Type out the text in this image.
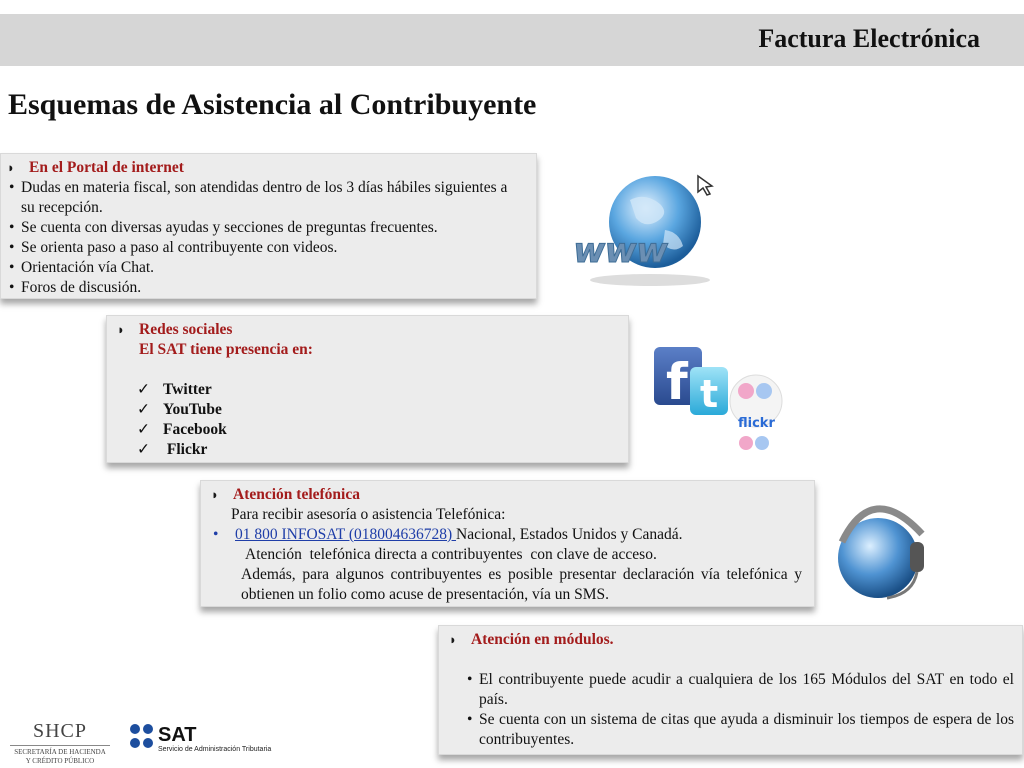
Factura Electrónica
Esquemas de Asistencia al Contribuyente
◗ En el Portal de internet
• Dudas en materia fiscal, son atendidas dentro de los 3 días hábiles siguientes a su recepción.
• Se cuenta con diversas ayudas y secciones de preguntas frecuentes.
• Se orienta paso a paso al contribuyente con videos.
• Orientación vía Chat.
• Foros de discusión.
www
◗ Redes sociales
El SAT tiene presencia en:
✓ Twitter
✓ YouTube
✓ Facebook
✓ Flickr
f t
flickr
◗ Atención telefónica
Para recibir asesoría o asistencia Telefónica:
• 01 800 INFOSAT (018004636728) Nacional, Estados Unidos y Canadá.
Atención  telefónica directa a contribuyentes  con clave de acceso.
Además, para algunos contribuyentes es posible presentar declaración vía telefónica y obtienen un folio como acuse de presentación, vía un SMS.
◗ Atención en módulos.
• El contribuyente puede acudir a cualquiera de los 165 Módulos del SAT en todo el país.
• Se cuenta con un sistema de citas que ayuda a disminuir los tiempos de espera de los contribuyentes.
SHCP
SECRETARÍA DE HACIENDA
Y CRÉDITO PÚBLICO
SAT
Servicio de Administración Tributaria
